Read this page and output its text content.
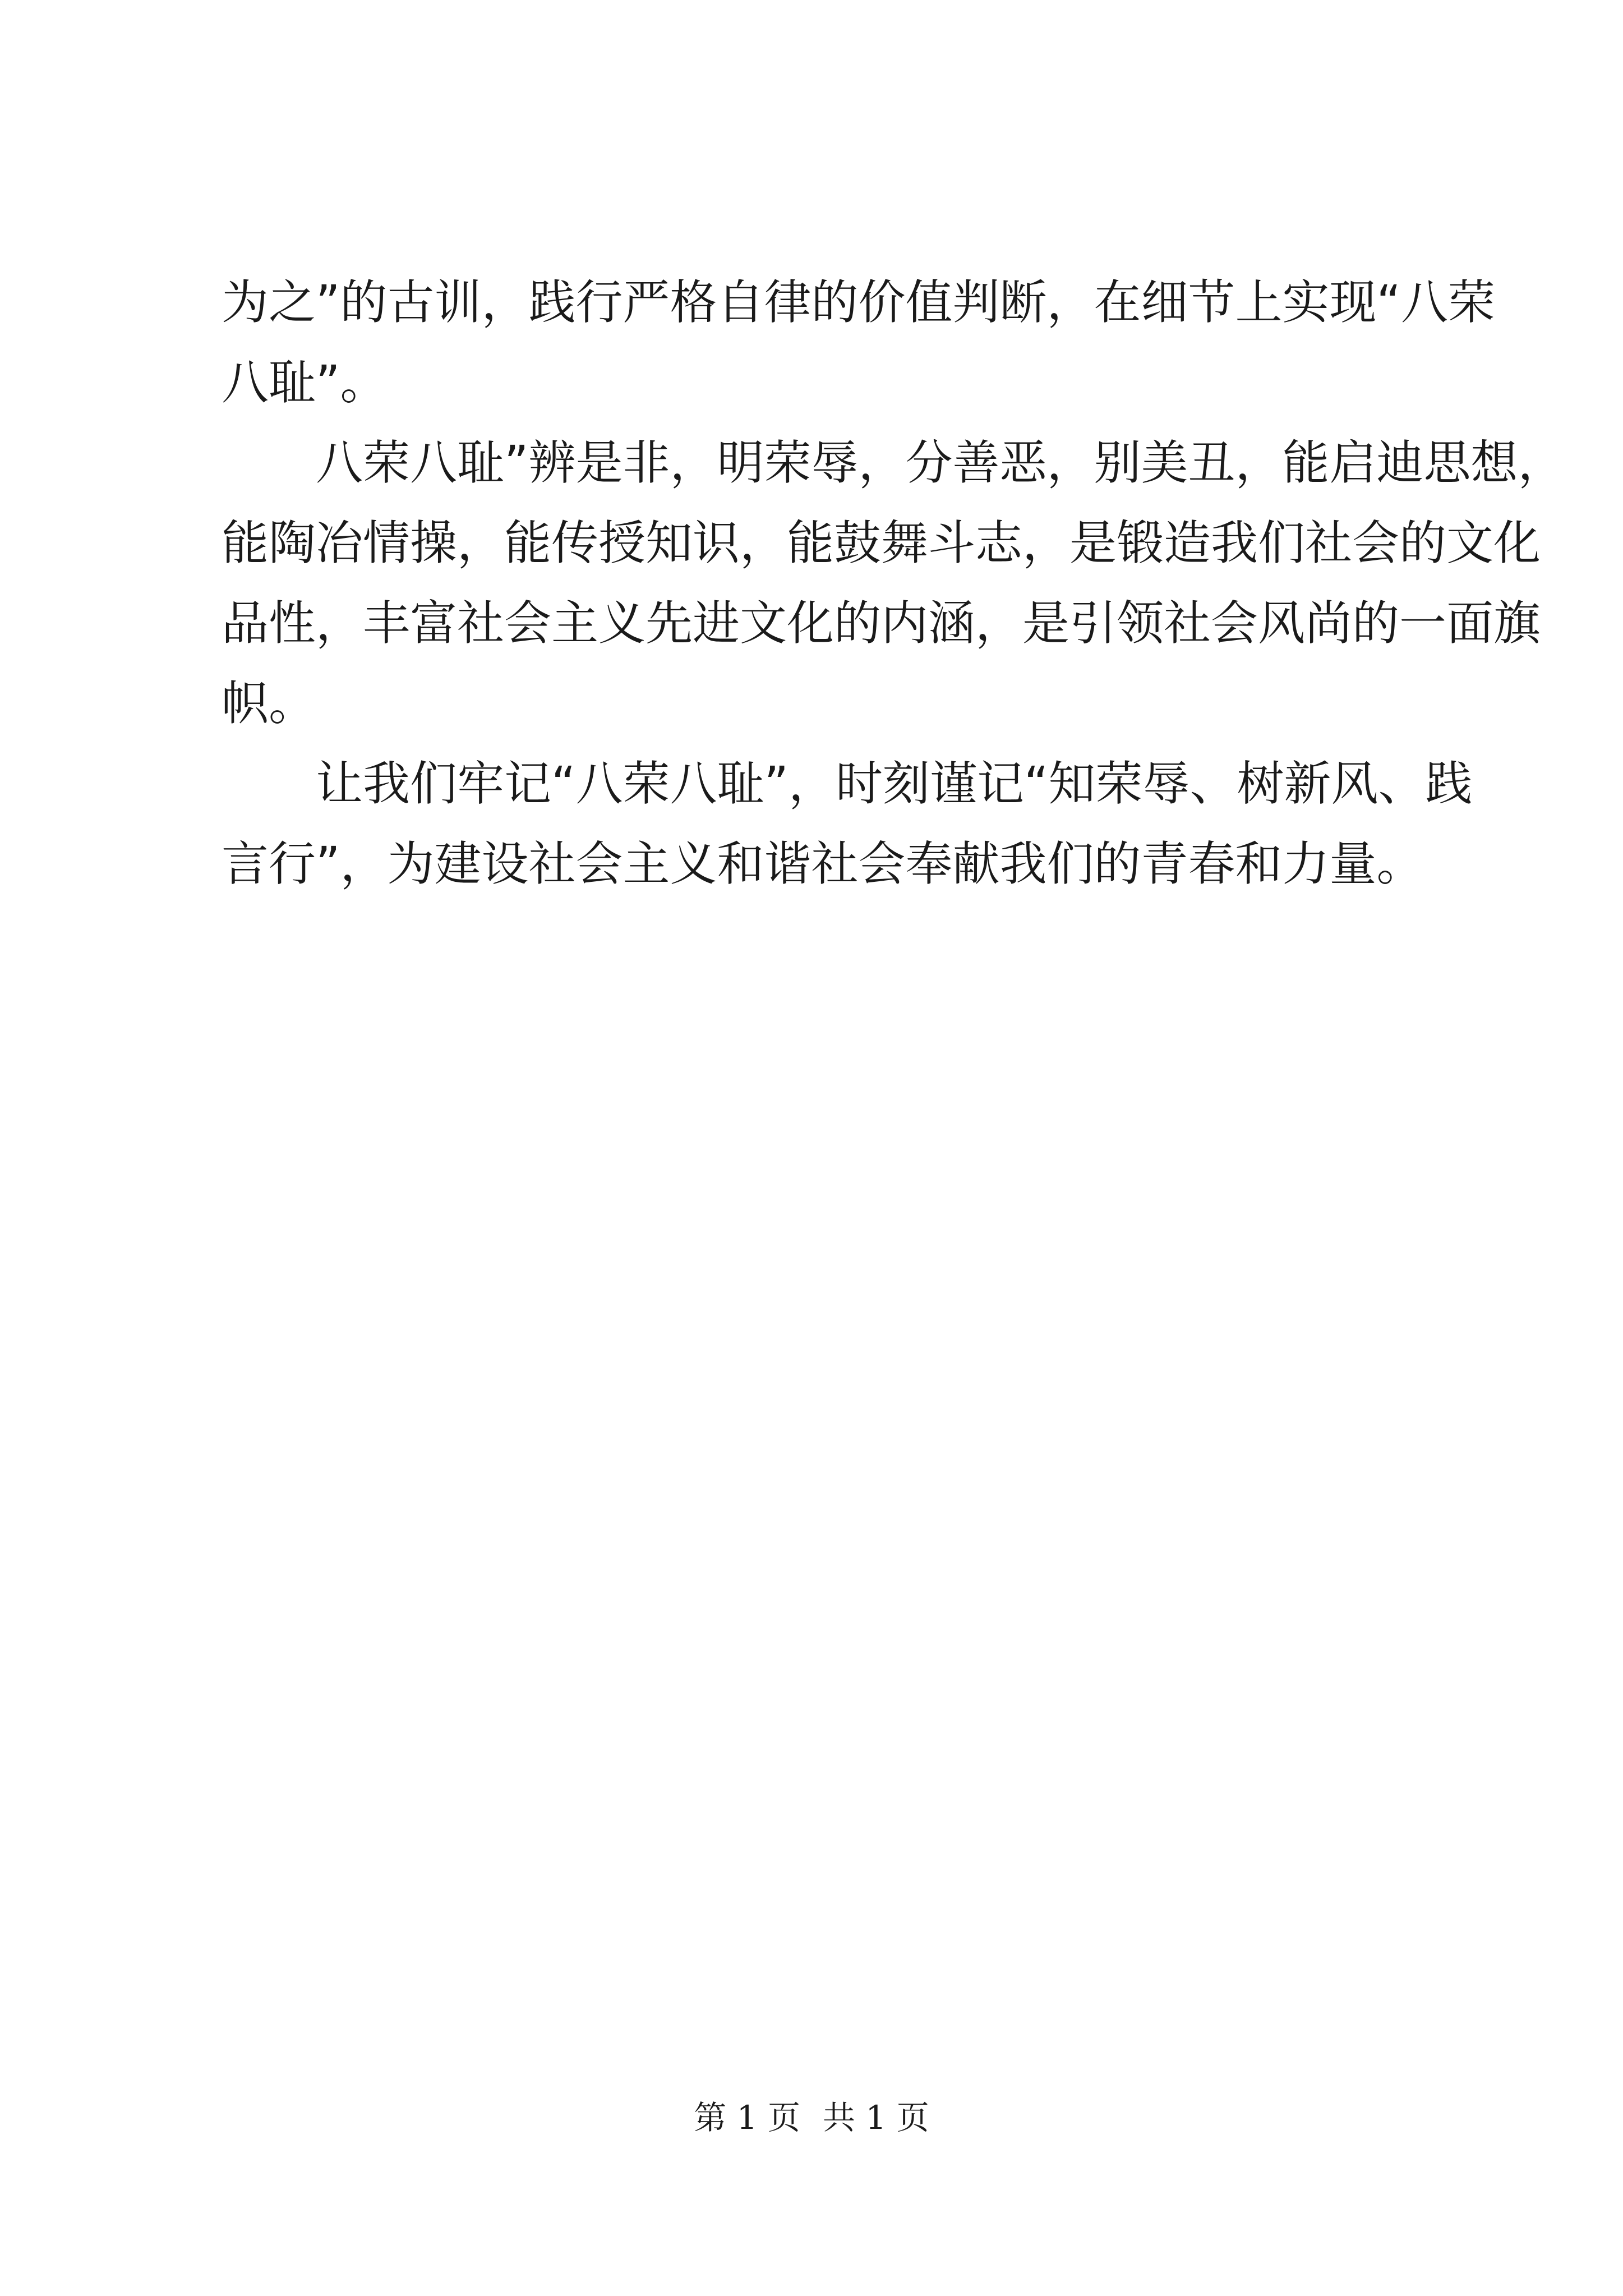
为之”的古训，践行严格自律的价值判断，在细节上实现“八荣
八耻”。

八荣八耻”辨是非，明荣辱，分善恶，别美丑，能启迪思想，
能陶冶情操，能传授知识，能鼓舞斗志，是锻造我们社会的文化
品性，丰富社会主义先进文化的内涵，是引领社会风尚的一面旗
帜。

让我们牢记“八荣八耻”，时刻谨记“知荣辱、树新风、践
言行”，为建设社会主义和谐社会奉献我们的青春和力量。

第 1 页 共 1 页
